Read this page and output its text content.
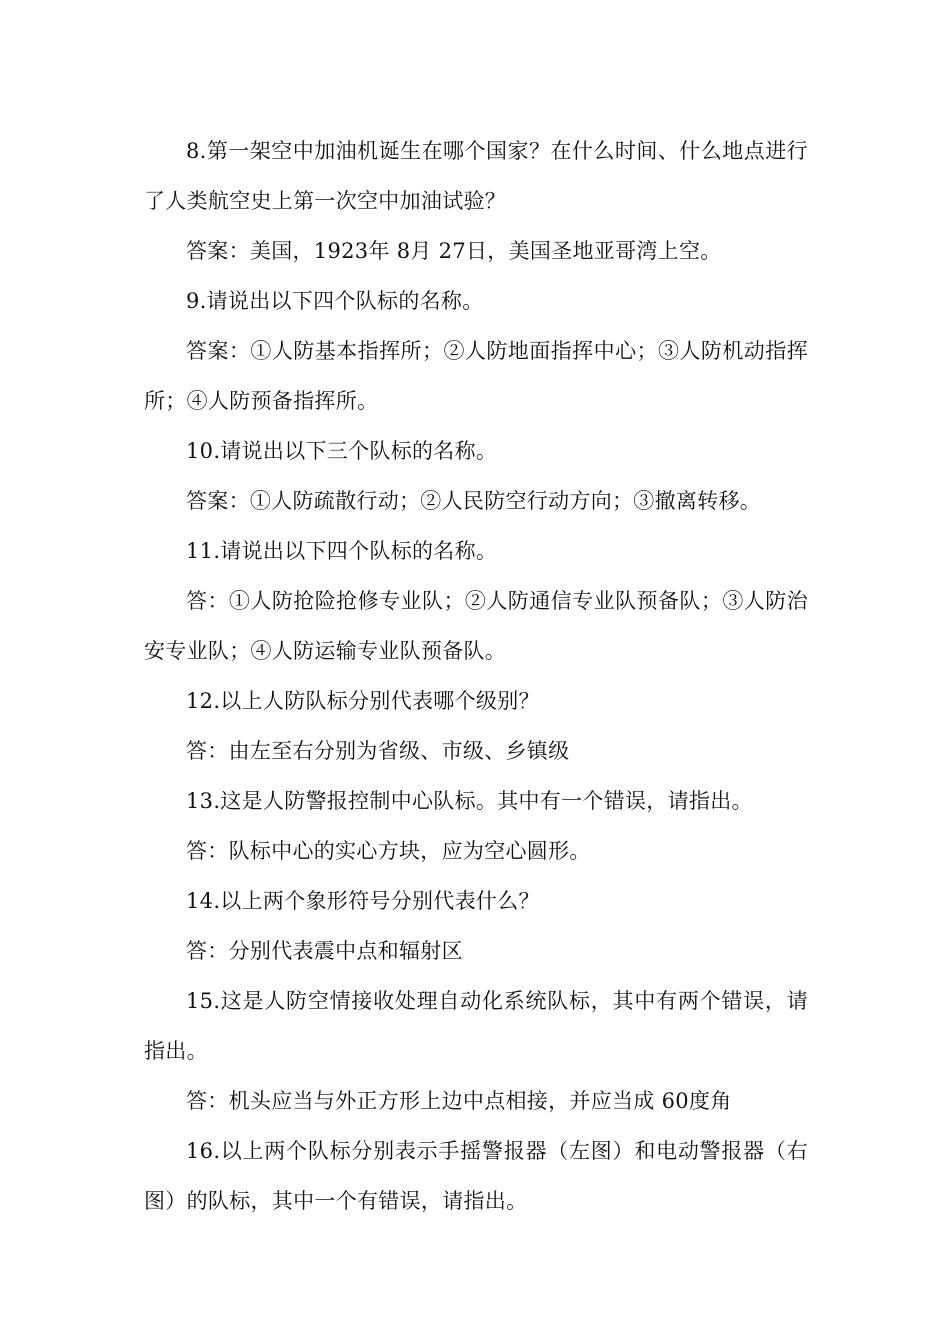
8.第一架空中加油机诞生在哪个国家？在什么时间、什么地点进行了人类航空史上第一次空中加油试验？

答案：美国，1923年 8月 27日，美国圣地亚哥湾上空。

9.请说出以下四个队标的名称。

答案：①人防基本指挥所；②人防地面指挥中心；③人防机动指挥所；④人防预备指挥所。

10.请说出以下三个队标的名称。

答案：①人防疏散行动；②人民防空行动方向；③撤离转移。

11.请说出以下四个队标的名称。

答：①人防抢险抢修专业队；②人防通信专业队预备队；③人防治安专业队；④人防运输专业队预备队。

12.以上人防队标分别代表哪个级别？

答：由左至右分别为省级、市级、乡镇级

13.这是人防警报控制中心队标。其中有一个错误，请指出。

答：队标中心的实心方块，应为空心圆形。

14.以上两个象形符号分别代表什么？

答：分别代表震中点和辐射区

15.这是人防空情接收处理自动化系统队标，其中有两个错误，请指出。

答：机头应当与外正方形上边中点相接，并应当成 60度角

16.以上两个队标分别表示手摇警报器（左图）和电动警报器（右图）的队标，其中一个有错误，请指出。
